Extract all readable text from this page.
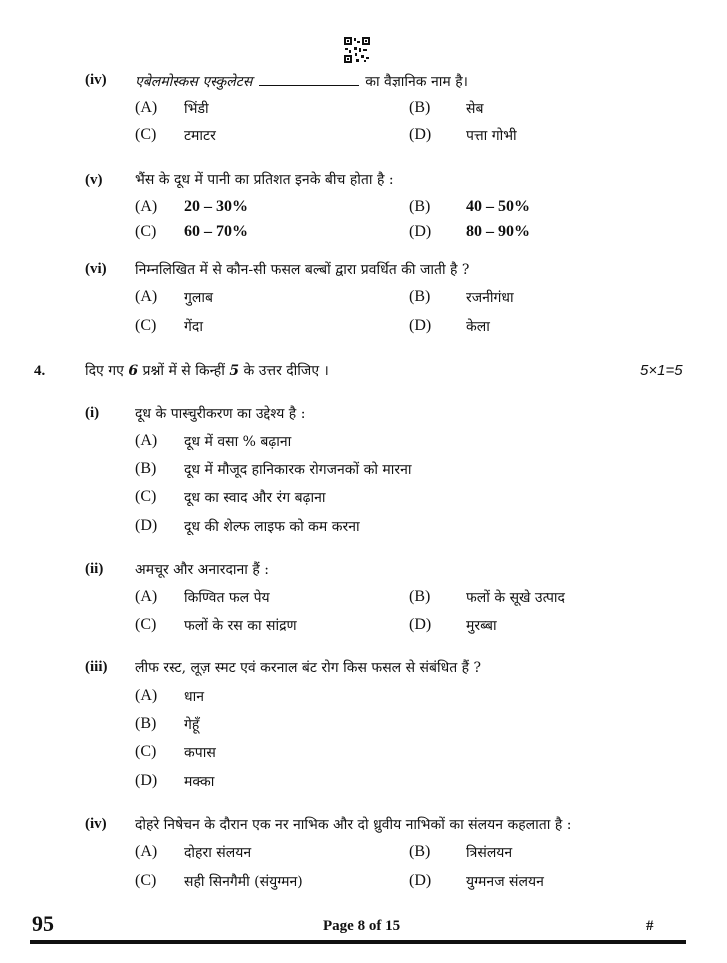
(iv) एबेलमोस्कस एस्कुलेटस	का वैज्ञानिक नाम है।
(A) भिंडी	(B)	सेब
(C) टमाटर	(D) पत्ता गोभी
(v) भैंस के दूध में पानी का प्रतिशत इनके बीच होता है :
(A) 20 – 30%	(B) 40 – 50%
(C) 60 – 70%	(D) 80 – 90%
(vi) निम्नलिखित में से कौन-सी फसल बल्बों द्वारा प्रवर्धित की जाती है ?
(A) गुलाब	(B)	रजनीगंधा
(C) गेंदा	(D) केला
4.	दिए गए 6 प्रश्नों में से किन्हीं 5 के उत्तर दीजिए ।	5×1=5
(i)	दूध के पास्चुरीकरण का उद्देश्य है :
(A) दूध में वसा % बढ़ाना
(B) दूध में मौजूद हानिकारक रोगजनकों को मारना
(C) दूध का स्वाद और रंग बढ़ाना
(D) दूध की शेल्फ लाइफ को कम करना
(ii) अमचूर और अनारदाना हैं :
(A) किण्वित फल पेय	(B)	फलों के सूखे उत्पाद
(C) फलों के रस का सांद्रण	(D) मुरब्बा
(iii) लीफ रस्ट, लूज़ स्मट एवं करनाल बंट रोग किस फसल से संबंधित हैं ?
(A) धान
(B) गेहूँ
(C) कपास
(D) मक्का
(iv) दोहरे निषेचन के दौरान एक नर नाभिक और दो ध्रुवीय नाभिकों का संलयन कहलाता है :
(A) दोहरा संलयन	(B)	त्रिसंलयन
(C) सही सिनगैमी (संयुग्मन)	(D) युग्मनज संलयन
95	Page 8 of 15	#
